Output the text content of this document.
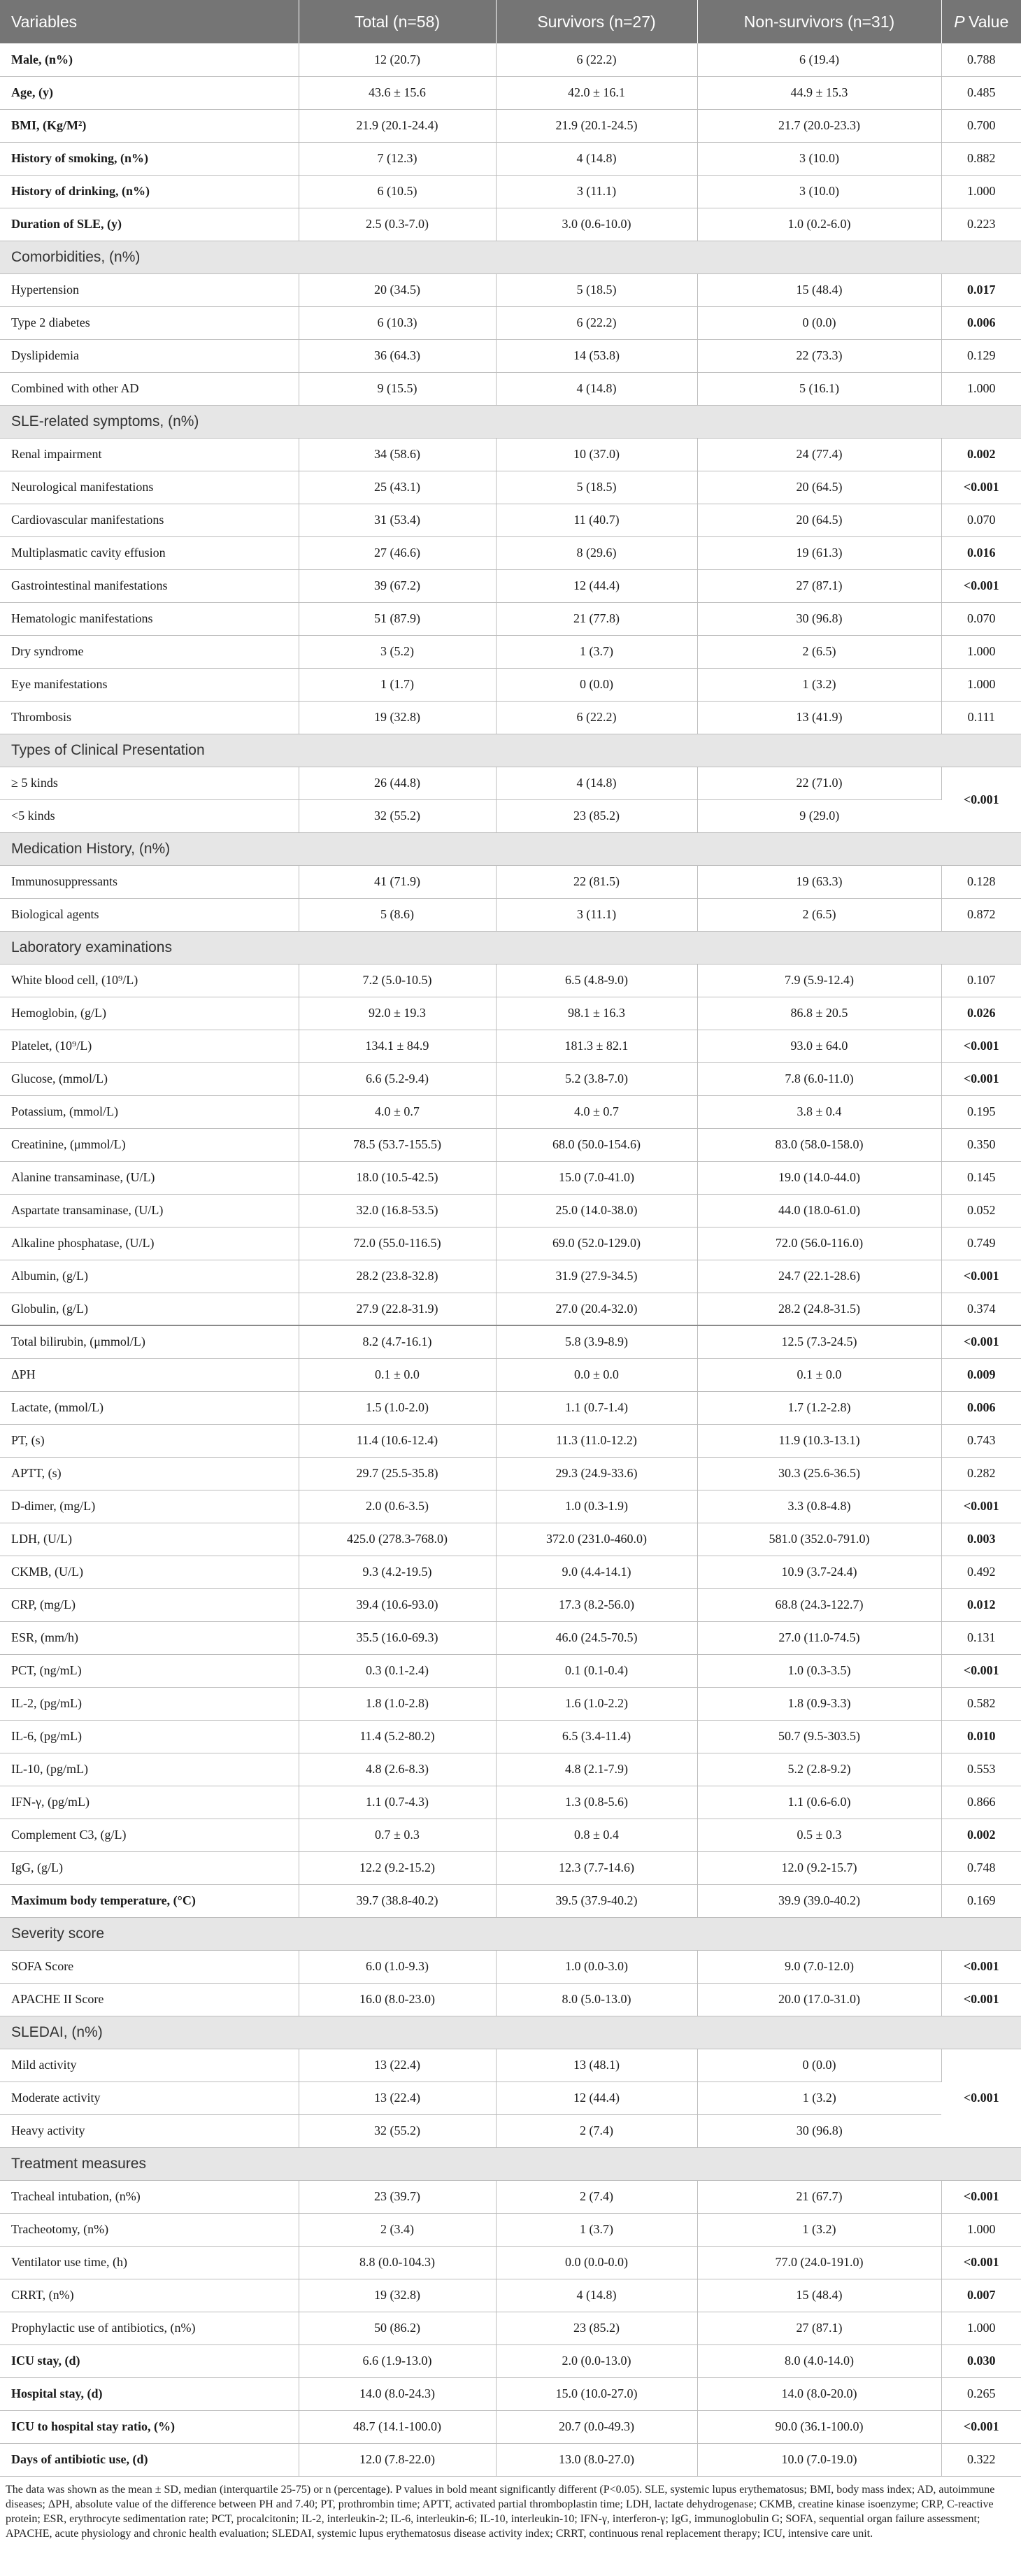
Variables	Total (n=58)	Survivors (n=27)	Non-survivors (n=31)	P Value
Male, (n%)	12 (20.7)	6 (22.2)	6 (19.4)	0.788
Age, (y)	43.6 ± 15.6	42.0 ± 16.1	44.9 ± 15.3	0.485
BMI, (Kg/M²)	21.9 (20.1-24.4)	21.9 (20.1-24.5)	21.7 (20.0-23.3)	0.700
History of smoking, (n%)	7 (12.3)	4 (14.8)	3 (10.0)	0.882
History of drinking, (n%)	6 (10.5)	3 (11.1)	3 (10.0)	1.000
Duration of SLE, (y)	2.5 (0.3-7.0)	3.0 (0.6-10.0)	1.0 (0.2-6.0)	0.223
Comorbidities, (n%)				
Hypertension	20 (34.5)	5 (18.5)	15 (48.4)	0.017
Type 2 diabetes	6 (10.3)	6 (22.2)	0 (0.0)	0.006
Dyslipidemia	36 (64.3)	14 (53.8)	22 (73.3)	0.129
Combined with other AD	9 (15.5)	4 (14.8)	5 (16.1)	1.000
SLE-related symptoms, (n%)				
Renal impairment	34 (58.6)	10 (37.0)	24 (77.4)	0.002
Neurological manifestations	25 (43.1)	5 (18.5)	20 (64.5)	<0.001
Cardiovascular manifestations	31 (53.4)	11 (40.7)	20 (64.5)	0.070
Multiplasmatic cavity effusion	27 (46.6)	8 (29.6)	19 (61.3)	0.016
Gastrointestinal manifestations	39 (67.2)	12 (44.4)	27 (87.1)	<0.001
Hematologic manifestations	51 (87.9)	21 (77.8)	30 (96.8)	0.070
Dry syndrome	3 (5.2)	1 (3.7)	2 (6.5)	1.000
Eye manifestations	1 (1.7)	0 (0.0)	1 (3.2)	1.000
Thrombosis	19 (32.8)	6 (22.2)	13 (41.9)	0.111
Types of Clinical Presentation				
≥ 5 kinds	26 (44.8)	4 (14.8)	22 (71.0)	<0.001
<5 kinds	32 (55.2)	23 (85.2)	9 (29.0)	
Medication History, (n%)				
Immunosuppressants	41 (71.9)	22 (81.5)	19 (63.3)	0.128
Biological agents	5 (8.6)	3 (11.1)	2 (6.5)	0.872
Laboratory examinations				
White blood cell, (10⁹/L)	7.2 (5.0-10.5)	6.5 (4.8-9.0)	7.9 (5.9-12.4)	0.107
Hemoglobin, (g/L)	92.0 ± 19.3	98.1 ± 16.3	86.8 ± 20.5	0.026
Platelet, (10⁹/L)	134.1 ± 84.9	181.3 ± 82.1	93.0 ± 64.0	<0.001
Glucose, (mmol/L)	6.6 (5.2-9.4)	5.2 (3.8-7.0)	7.8 (6.0-11.0)	<0.001
Potassium, (mmol/L)	4.0 ± 0.7	4.0 ± 0.7	3.8 ± 0.4	0.195
Creatinine, (μmmol/L)	78.5 (53.7-155.5)	68.0 (50.0-154.6)	83.0 (58.0-158.0)	0.350
Alanine transaminase, (U/L)	18.0 (10.5-42.5)	15.0 (7.0-41.0)	19.0 (14.0-44.0)	0.145
Aspartate transaminase, (U/L)	32.0 (16.8-53.5)	25.0 (14.0-38.0)	44.0 (18.0-61.0)	0.052
Alkaline phosphatase, (U/L)	72.0 (55.0-116.5)	69.0 (52.0-129.0)	72.0 (56.0-116.0)	0.749
Albumin, (g/L)	28.2 (23.8-32.8)	31.9 (27.9-34.5)	24.7 (22.1-28.6)	<0.001
Globulin, (g/L)	27.9 (22.8-31.9)	27.0 (20.4-32.0)	28.2 (24.8-31.5)	0.374
Total bilirubin, (μmmol/L)	8.2 (4.7-16.1)	5.8 (3.9-8.9)	12.5 (7.3-24.5)	<0.001
ΔPH	0.1 ± 0.0	0.0 ± 0.0	0.1 ± 0.0	0.009
Lactate, (mmol/L)	1.5 (1.0-2.0)	1.1 (0.7-1.4)	1.7 (1.2-2.8)	0.006
PT, (s)	11.4 (10.6-12.4)	11.3 (11.0-12.2)	11.9 (10.3-13.1)	0.743
APTT, (s)	29.7 (25.5-35.8)	29.3 (24.9-33.6)	30.3 (25.6-36.5)	0.282
D-dimer, (mg/L)	2.0 (0.6-3.5)	1.0 (0.3-1.9)	3.3 (0.8-4.8)	<0.001
LDH, (U/L)	425.0 (278.3-768.0)	372.0 (231.0-460.0)	581.0 (352.0-791.0)	0.003
CKMB, (U/L)	9.3 (4.2-19.5)	9.0 (4.4-14.1)	10.9 (3.7-24.4)	0.492
CRP, (mg/L)	39.4 (10.6-93.0)	17.3 (8.2-56.0)	68.8 (24.3-122.7)	0.012
ESR, (mm/h)	35.5 (16.0-69.3)	46.0 (24.5-70.5)	27.0 (11.0-74.5)	0.131
PCT, (ng/mL)	0.3 (0.1-2.4)	0.1 (0.1-0.4)	1.0 (0.3-3.5)	<0.001
IL-2, (pg/mL)	1.8 (1.0-2.8)	1.6 (1.0-2.2)	1.8 (0.9-3.3)	0.582
IL-6, (pg/mL)	11.4 (5.2-80.2)	6.5 (3.4-11.4)	50.7 (9.5-303.5)	0.010
IL-10, (pg/mL)	4.8 (2.6-8.3)	4.8 (2.1-7.9)	5.2 (2.8-9.2)	0.553
IFN-γ, (pg/mL)	1.1 (0.7-4.3)	1.3 (0.8-5.6)	1.1 (0.6-6.0)	0.866
Complement C3, (g/L)	0.7 ± 0.3	0.8 ± 0.4	0.5 ± 0.3	0.002
IgG, (g/L)	12.2 (9.2-15.2)	12.3 (7.7-14.6)	12.0 (9.2-15.7)	0.748
Maximum body temperature, (°C)	39.7 (38.8-40.2)	39.5 (37.9-40.2)	39.9 (39.0-40.2)	0.169
Severity score				
SOFA Score	6.0 (1.0-9.3)	1.0 (0.0-3.0)	9.0 (7.0-12.0)	<0.001
APACHE II Score	16.0 (8.0-23.0)	8.0 (5.0-13.0)	20.0 (17.0-31.0)	<0.001
SLEDAI, (n%)				
Mild activity	13 (22.4)	13 (48.1)	0 (0.0)	<0.001
Moderate activity	13 (22.4)	12 (44.4)	1 (3.2)	
Heavy activity	32 (55.2)	2 (7.4)	30 (96.8)	
Treatment measures				
Tracheal intubation, (n%)	23 (39.7)	2 (7.4)	21 (67.7)	<0.001
Tracheotomy, (n%)	2 (3.4)	1 (3.7)	1 (3.2)	1.000
Ventilator use time, (h)	8.8 (0.0-104.3)	0.0 (0.0-0.0)	77.0 (24.0-191.0)	<0.001
CRRT, (n%)	19 (32.8)	4 (14.8)	15 (48.4)	0.007
Prophylactic use of antibiotics, (n%)	50 (86.2)	23 (85.2)	27 (87.1)	1.000
ICU stay, (d)	6.6 (1.9-13.0)	2.0 (0.0-13.0)	8.0 (4.0-14.0)	0.030
Hospital stay, (d)	14.0 (8.0-24.3)	15.0 (10.0-27.0)	14.0 (8.0-20.0)	0.265
ICU to hospital stay ratio, (%)	48.7 (14.1-100.0)	20.7 (0.0-49.3)	90.0 (36.1-100.0)	<0.001
Days of antibiotic use, (d)	12.0 (7.8-22.0)	13.0 (8.0-27.0)	10.0 (7.0-19.0)	0.322
The data was shown as the mean ± SD, median (interquartile 25-75) or n (percentage). P values in bold meant significantly different (P<0.05). SLE, systemic lupus erythematosus; BMI, body mass index; AD, autoimmune diseases; ΔPH, absolute value of the difference between PH and 7.40; PT, prothrombin time; APTT, activated partial thromboplastin time; LDH, lactate dehydrogenase; CKMB, creatine kinase isoenzyme; CRP, C-reactive protein; ESR, erythrocyte sedimentation rate; PCT, procalcitonin; IL-2, interleukin-2; IL-6, interleukin-6; IL-10, interleukin-10; IFN-γ, interferon-γ; IgG, immunoglobulin G; SOFA, sequential organ failure assessment; APACHE, acute physiology and chronic health evaluation; SLEDAI, systemic lupus erythematosus disease activity index; CRRT, continuous renal replacement therapy; ICU, intensive care unit.
